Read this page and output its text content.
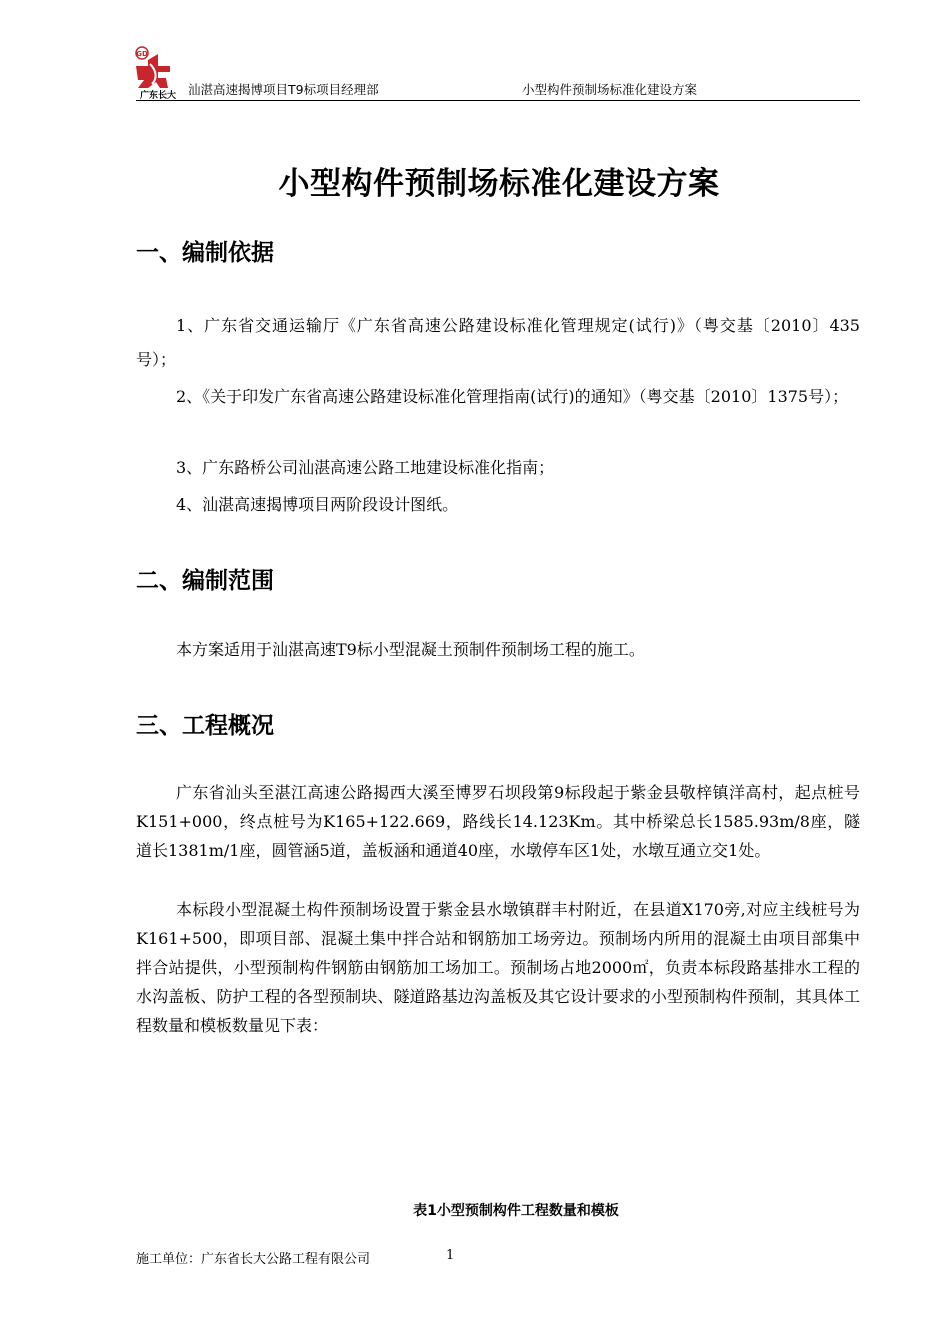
GD
广东长大 汕湛高速揭博项目T9标项目经理部	小型构件预制场标准化建设方案
小型构件预制场标准化建设方案
一、编制依据
1、广东省交通运输厅《广东省高速公路建设标准化管理规定(试行)》（粤交基〔2010〕435号）；
2、《关于印发广东省高速公路建设标准化管理指南(试行)的通知》（粤交基〔2010〕1375号）；
3、广东路桥公司汕湛高速公路工地建设标准化指南；
4、汕湛高速揭博项目两阶段设计图纸。
二、编制范围
本方案适用于汕湛高速T9标小型混凝土预制件预制场工程的施工。
三、工程概况
广东省汕头至湛江高速公路揭西大溪至博罗石坝段第9标段起于紫金县敬梓镇洋高村，起点桩号K151+000，终点桩号为K165+122.669，路线长14.123Km。其中桥梁总长1585.93m/8座，隧道长1381m/1座，圆管涵5道，盖板涵和通道40座，水墩停车区1处，水墩互通立交1处。
本标段小型混凝土构件预制场设置于紫金县水墩镇群丰村附近，在县道X170旁,对应主线桩号为K161+500，即项目部、混凝土集中拌合站和钢筋加工场旁边。预制场内所用的混凝土由项目部集中拌合站提供，小型预制构件钢筋由钢筋加工场加工。预制场占地2000㎡，负责本标段路基排水工程的水沟盖板、防护工程的各型预制块、隧道路基边沟盖板及其它设计要求的小型预制构件预制，其具体工程数量和模板数量见下表：
表1小型预制构件工程数量和模板
施工单位：广东省长大公路工程有限公司	1
